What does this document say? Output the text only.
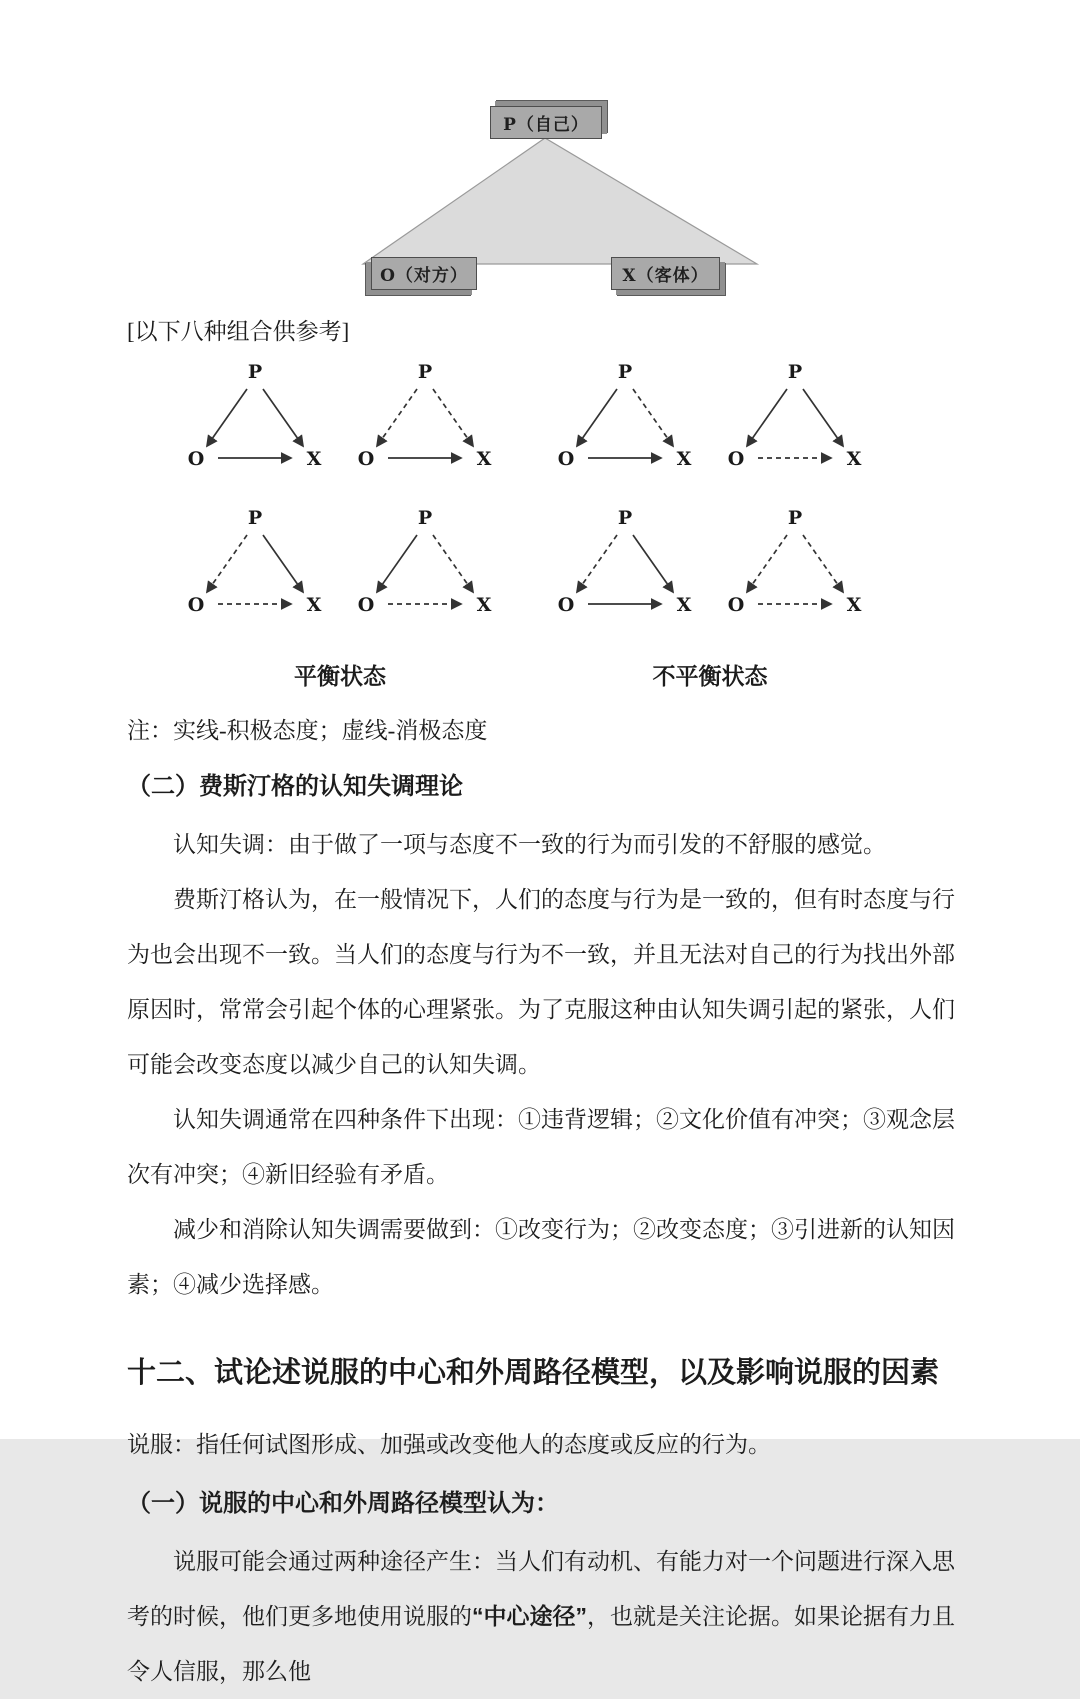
P（自己）
O（对方）	X（客体）

[以下八种组合供参考]

P
O	X
P
O	X
P
O	X
P
O	X
平衡状态
P
O	X
P
O	X
P
O	X
P
O	X
不平衡状态

注：实线-积极态度；虚线-消极态度

（二）费斯汀格的认知失调理论

认知失调：由于做了一项与态度不一致的行为而引发的不舒服的感觉。

费斯汀格认为，在一般情况下，人们的态度与行为是一致的，但有时态度与行为也会出现不一致。当人们的态度与行为不一致，并且无法对自己的行为找出外部原因时，常常会引起个体的心理紧张。为了克服这种由认知失调引起的紧张，人们可能会改变态度以减少自己的认知失调。

认知失调通常在四种条件下出现：①违背逻辑；②文化价值有冲突；③观念层次有冲突；④新旧经验有矛盾。

减少和消除认知失调需要做到：①改变行为；②改变态度；③引进新的认知因素；④减少选择感。

十二、试论述说服的中心和外周路径模型，以及影响说服的因素

说服：指任何试图形成、加强或改变他人的态度或反应的行为。

（一）说服的中心和外周路径模型认为：

说服可能会通过两种途径产生：当人们有动机、有能力对一个问题进行深入思考的时候，他们更多地使用说服的“中心途径”，也就是关注论据。如果论据有力且令人信服，那么他
